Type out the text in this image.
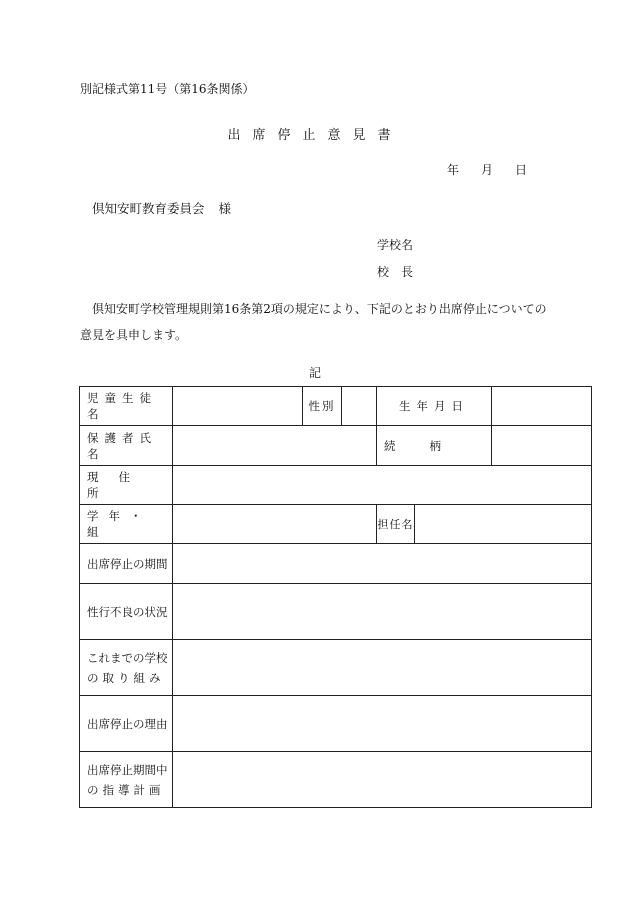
別記様式第11号（第16条関係）
出席停止意見書
年 月 日
倶知安町教育委員会 様
学校名
校　長
倶知安町学校管理規則第16条第2項の規定により、下記のとおり出席停止についての意見を具申します。
記
児童生徒名		性別		生年月日		
保護者氏名				続柄		
現住所						
学年・組				担任名		
出席停止の期間						
性行不良の状況						

これまでの学校
の取り組み						

出席停止の理由						

出席停止期間中
の指導計画						
